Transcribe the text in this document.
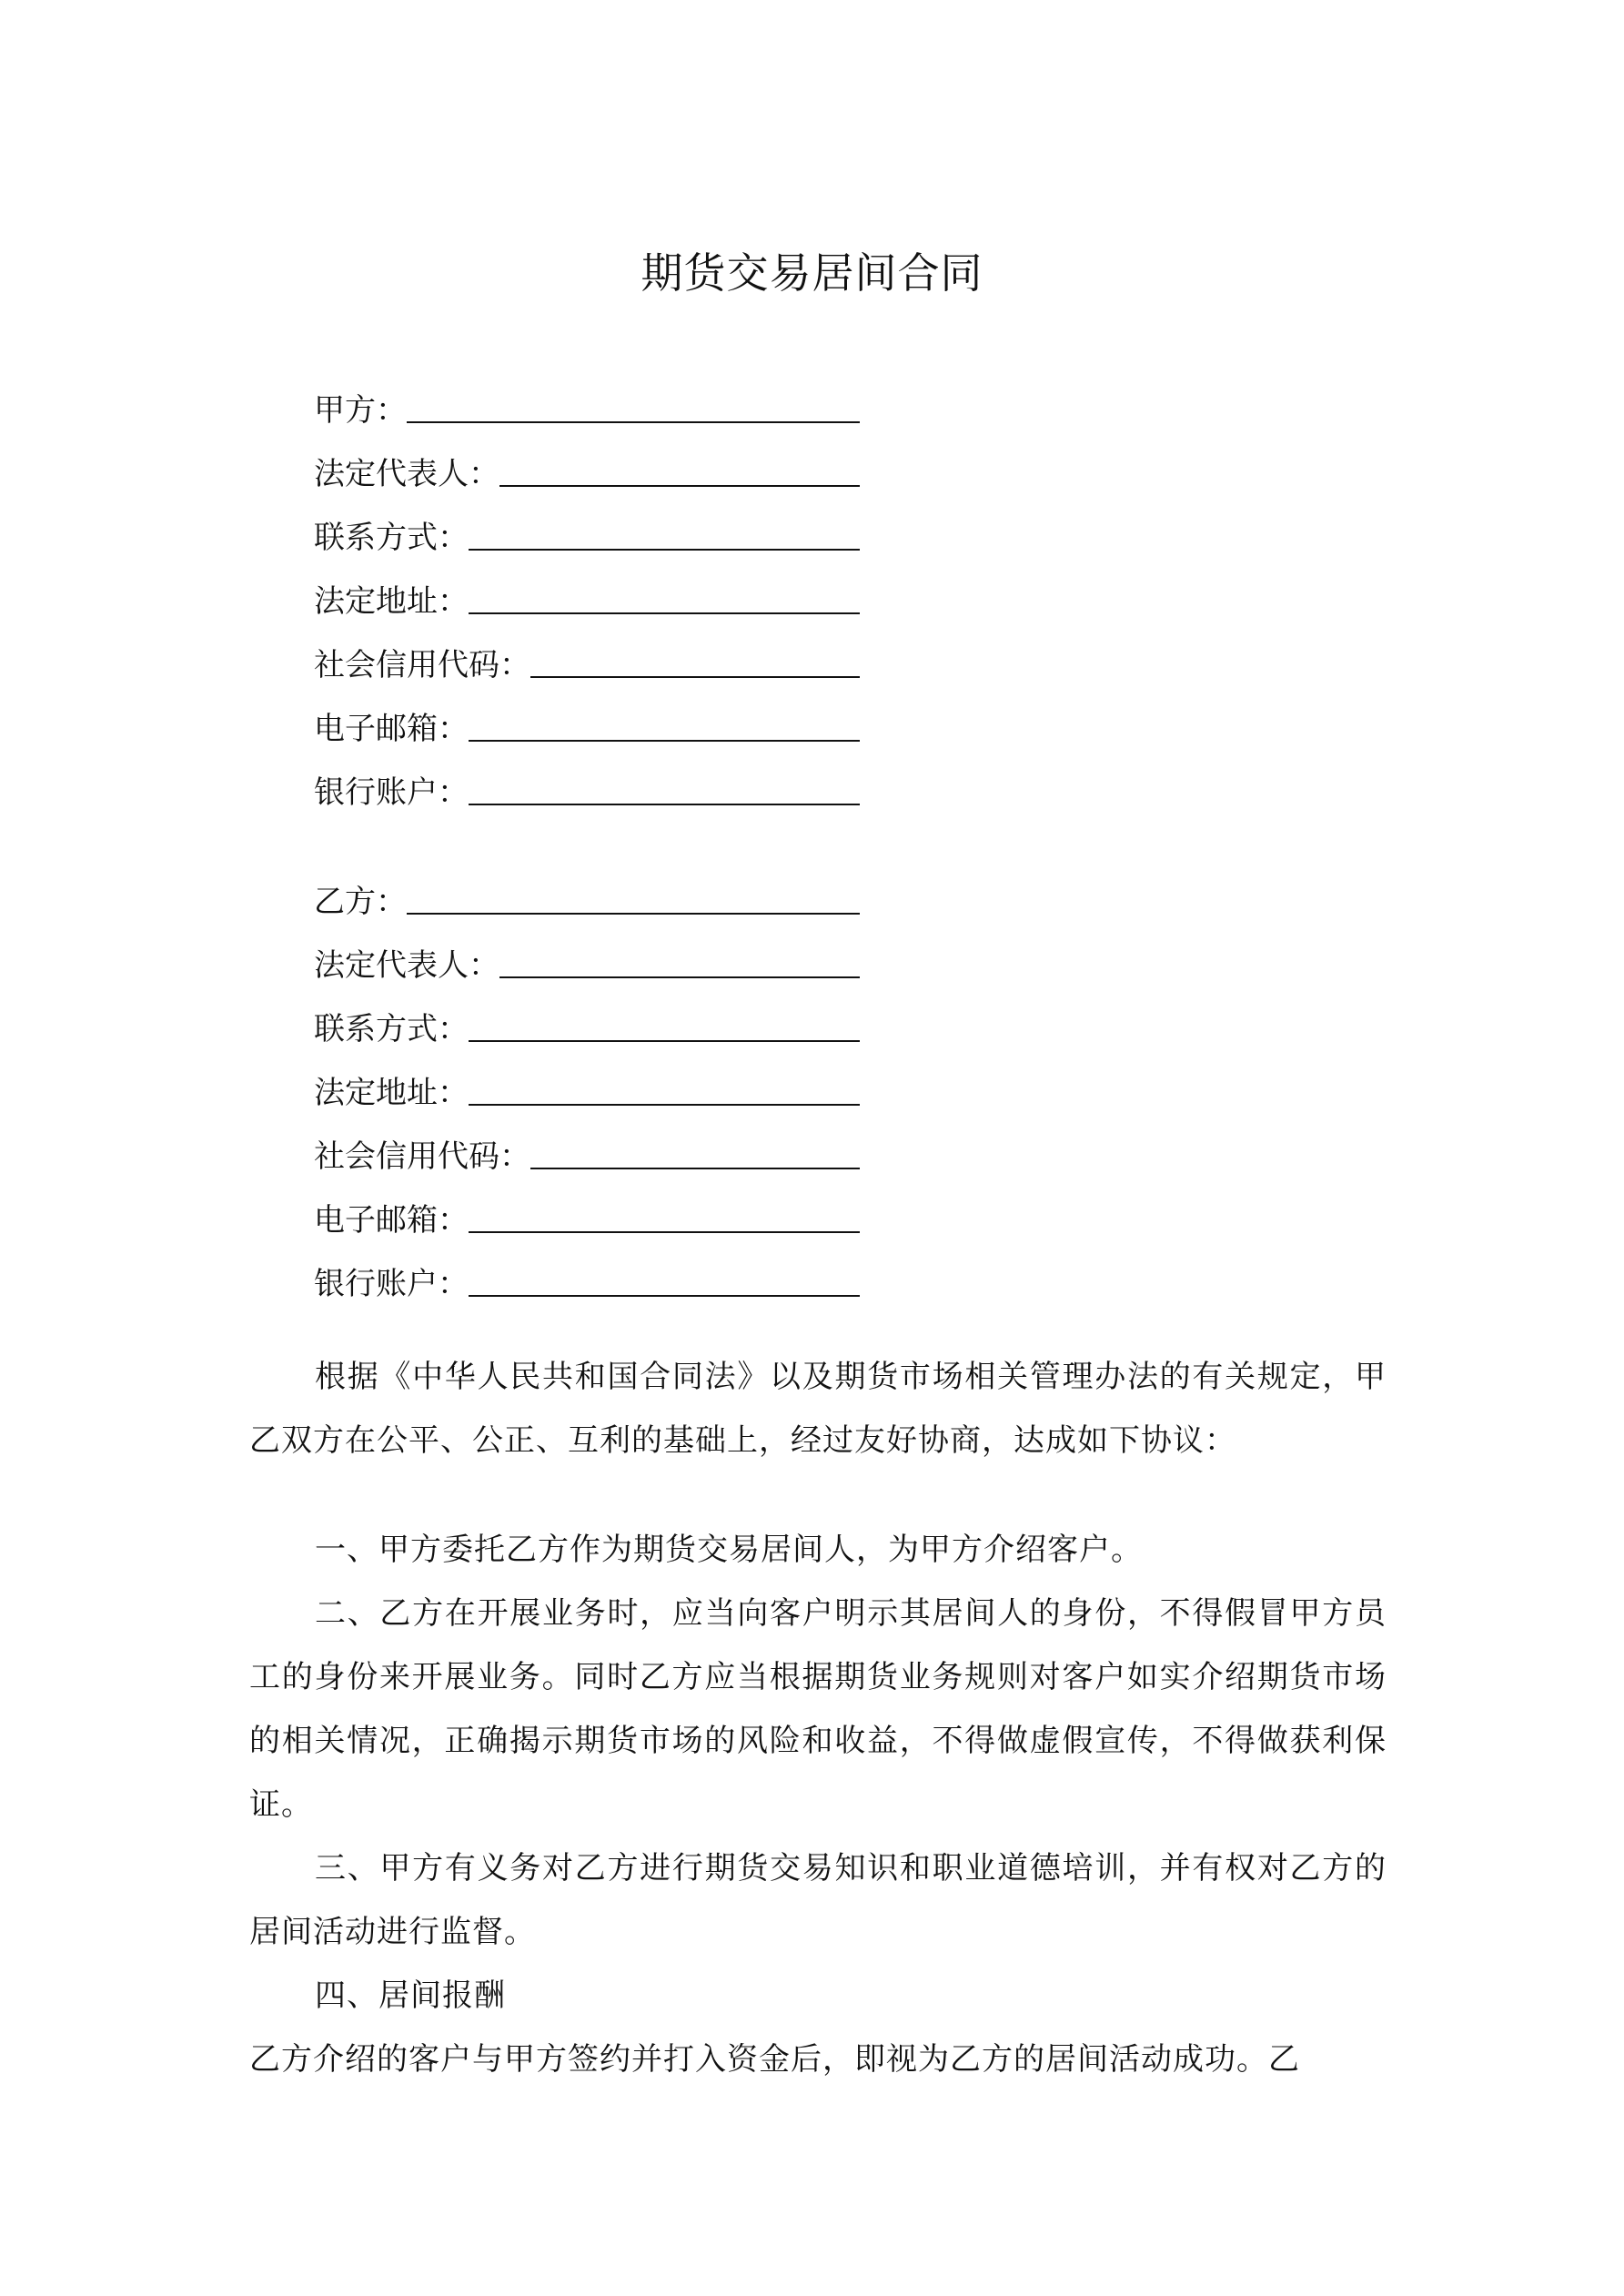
期货交易居间合同
甲方：
法定代表人：
联系方式：
法定地址：
社会信用代码：
电子邮箱：
银行账户：
乙方：
法定代表人：
联系方式：
法定地址：
社会信用代码：
电子邮箱：
银行账户：

根据《中华人民共和国合同法》以及期货市场相关管理办法的有关规定，甲乙双方在公平、公正、互利的基础上，经过友好协商，达成如下协议：

一、甲方委托乙方作为期货交易居间人，为甲方介绍客户。

二、乙方在开展业务时，应当向客户明示其居间人的身份，不得假冒甲方员工的身份来开展业务。同时乙方应当根据期货业务规则对客户如实介绍期货市场的相关情况，正确揭示期货市场的风险和收益，不得做虚假宣传，不得做获利保证。

三、甲方有义务对乙方进行期货交易知识和职业道德培训，并有权对乙方的居间活动进行监督。

四、居间报酬

乙方介绍的客户与甲方签约并打入资金后，即视为乙方的居间活动成功。乙
